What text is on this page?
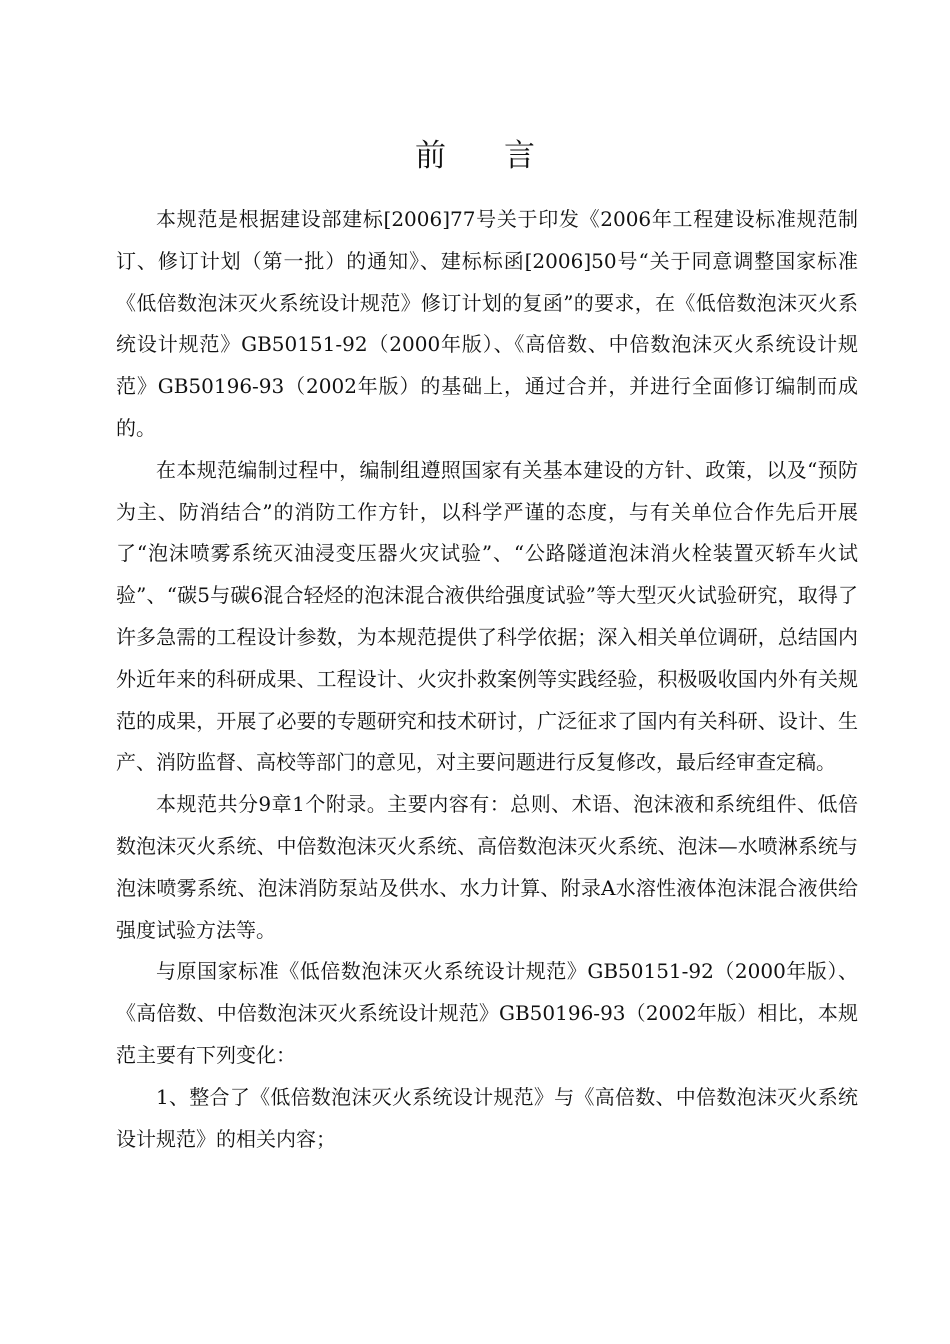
前 言

本规范是根据建设部建标[2006]77号关于印发《2006年工程建设标准规范制订、修订计划（第一批）的通知》、建标标函[2006]50号“关于同意调整国家标准《低倍数泡沫灭火系统设计规范》修订计划的复函”的要求，在《低倍数泡沫灭火系统设计规范》GB50151-92（2000年版）、《高倍数、中倍数泡沫灭火系统设计规范》GB50196-93（2002年版）的基础上，通过合并，并进行全面修订编制而成的。

在本规范编制过程中，编制组遵照国家有关基本建设的方针、政策，以及“预防为主、防消结合”的消防工作方针，以科学严谨的态度，与有关单位合作先后开展了“泡沫喷雾系统灭油浸变压器火灾试验”、“公路隧道泡沫消火栓装置灭轿车火试验”、“碳5与碳6混合轻烃的泡沫混合液供给强度试验”等大型灭火试验研究，取得了许多急需的工程设计参数，为本规范提供了科学依据；深入相关单位调研，总结国内外近年来的科研成果、工程设计、火灾扑救案例等实践经验，积极吸收国内外有关规范的成果，开展了必要的专题研究和技术研讨，广泛征求了国内有关科研、设计、生产、消防监督、高校等部门的意见，对主要问题进行反复修改，最后经审查定稿。

本规范共分9章1个附录。主要内容有：总则、术语、泡沫液和系统组件、低倍数泡沫灭火系统、中倍数泡沫灭火系统、高倍数泡沫灭火系统、泡沫—水喷淋系统与泡沫喷雾系统、泡沫消防泵站及供水、水力计算、附录A水溶性液体泡沫混合液供给强度试验方法等。

与原国家标准《低倍数泡沫灭火系统设计规范》GB50151-92（2000年版）、《高倍数、中倍数泡沫灭火系统设计规范》GB50196-93（2002年版）相比，本规范主要有下列变化：

1、整合了《低倍数泡沫灭火系统设计规范》与《高倍数、中倍数泡沫灭火系统设计规范》的相关内容；
